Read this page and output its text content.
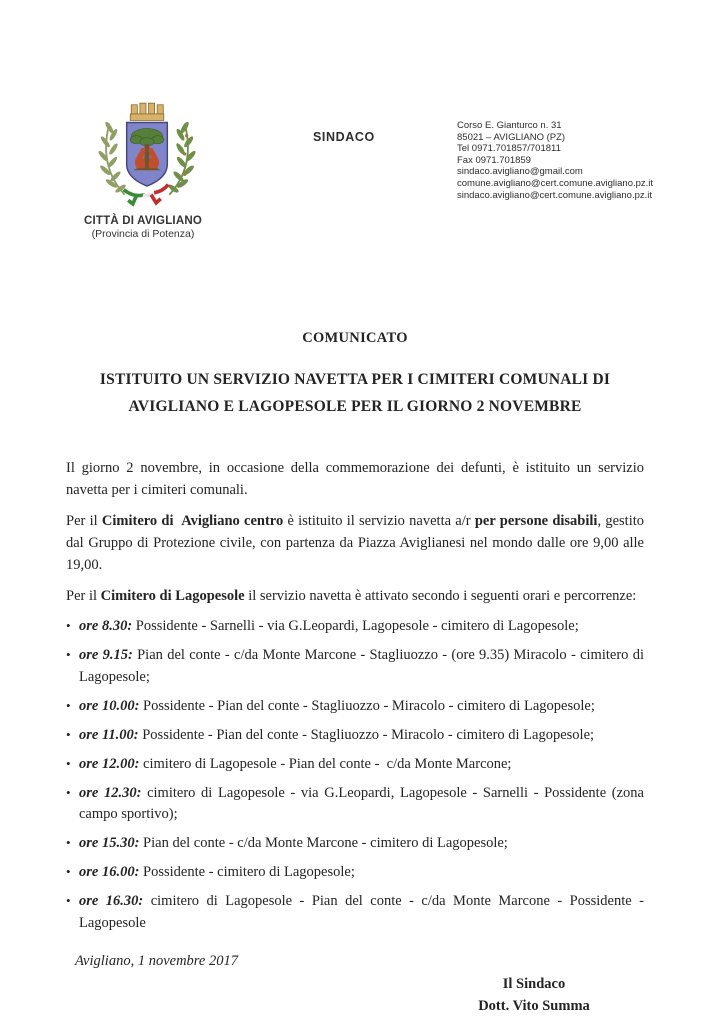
CITTÀ DI AVIGLIANO
(Provincia di Potenza)
SINDACO
Corso E. Gianturco n. 31
85021 – AVIGLIANO (PZ)
Tel 0971.701857/701811
Fax 0971.701859
sindaco.avigliano@gmail.com
comune.avigliano@cert.comune.avigliano.pz.it
sindaco.avigliano@cert.comune.avigliano.pz.it
COMUNICATO
ISTITUITO UN SERVIZIO NAVETTA PER I CIMITERI COMUNALI DI
AVIGLIANO E LAGOPESOLE PER IL GIORNO 2 NOVEMBRE

Il giorno 2 novembre, in occasione della commemorazione dei defunti, è istituito un servizio navetta per i cimiteri comunali.

Per il Cimitero di  Avigliano centro è istituito il servizio navetta a/r per persone disabili, gestito dal Gruppo di Protezione civile, con partenza da Piazza Aviglianesi nel mondo dalle ore 9,00 alle 19,00.

Per il Cimitero di Lagopesole il servizio navetta è attivato secondo i seguenti orari e percorrenze:

• ore 8.30: Possidente - Sarnelli - via G.Leopardi, Lagopesole - cimitero di Lagopesole;
• ore 9.15: Pian del conte - c/da Monte Marcone - Stagliuozzo - (ore 9.35) Miracolo - cimitero di Lagopesole;
• ore 10.00: Possidente - Pian del conte - Stagliuozzo - Miracolo - cimitero di Lagopesole;
• ore 11.00: Possidente - Pian del conte - Stagliuozzo - Miracolo - cimitero di Lagopesole;
• ore 12.00: cimitero di Lagopesole - Pian del conte -  c/da Monte Marcone;
• ore 12.30: cimitero di Lagopesole - via G.Leopardi, Lagopesole - Sarnelli - Possidente (zona campo sportivo);
• ore 15.30: Pian del conte - c/da Monte Marcone - cimitero di Lagopesole;
• ore 16.00: Possidente - cimitero di Lagopesole;
• ore 16.30: cimitero di Lagopesole - Pian del conte - c/da Monte Marcone - Possidente - Lagopesole
Avigliano, 1 novembre 2017
Il Sindaco
Dott. Vito Summa
